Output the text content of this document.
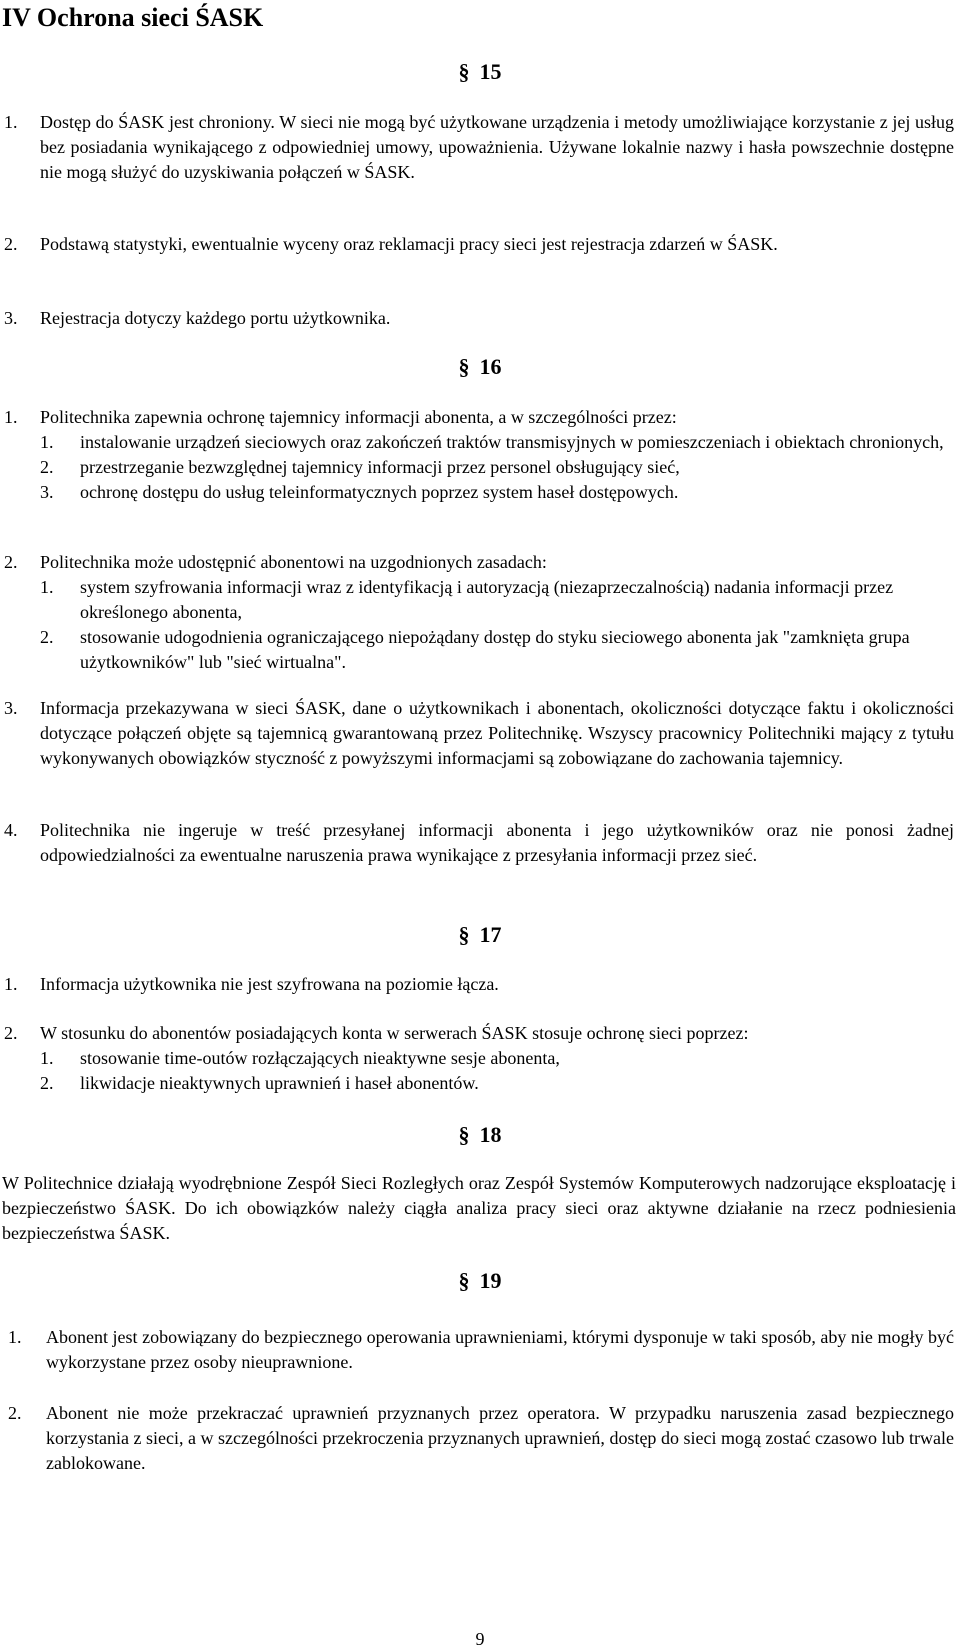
IV Ochrona sieci ŚASK
§ 15
1. Dostęp do ŚASK jest chroniony. W sieci nie mogą być użytkowane urządzenia i metody umożliwiające korzystanie z jej usług bez posiadania wynikającego z odpowiedniej umowy, upoważnienia. Używane lokalnie nazwy i hasła powszechnie dostępne nie mogą służyć do uzyskiwania połączeń w ŚASK.
2. Podstawą statystyki, ewentualnie wyceny oraz reklamacji pracy sieci jest rejestracja zdarzeń w ŚASK.
3. Rejestracja dotyczy każdego portu użytkownika.
§ 16
1. Politechnika zapewnia ochronę tajemnicy informacji abonenta, a w szczególności przez:
1. instalowanie urządzeń sieciowych oraz zakończeń traktów transmisyjnych w pomieszczeniach i obiektach chronionych,
2. przestrzeganie bezwzględnej tajemnicy informacji przez personel obsługujący sieć,
3. ochronę dostępu do usług teleinformatycznych poprzez system haseł dostępowych.
2. Politechnika może udostępnić abonentowi na uzgodnionych zasadach:
1. system szyfrowania informacji wraz z identyfikacją i autoryzacją (niezaprzeczalnością) nadania informacji przez określonego abonenta,
2. stosowanie udogodnienia ograniczającego niepożądany dostęp do styku sieciowego abonenta jak "zamknięta grupa użytkowników" lub "sieć wirtualna".
3. Informacja przekazywana w sieci ŚASK, dane o użytkownikach i abonentach, okoliczności dotyczące faktu i okoliczności dotyczące połączeń objęte są tajemnicą gwarantowaną przez Politechnikę. Wszyscy pracownicy Politechniki mający z tytułu wykonywanych obowiązków styczność z powyższymi informacjami są zobowiązane do zachowania tajemnicy.
4. Politechnika nie ingeruje w treść przesyłanej informacji abonenta i jego użytkowników oraz nie ponosi żadnej odpowiedzialności za ewentualne naruszenia prawa wynikające z przesyłania informacji przez sieć.
§ 17
1. Informacja użytkownika nie jest szyfrowana na poziomie łącza.
2. W stosunku do abonentów posiadających konta w serwerach ŚASK stosuje ochronę sieci poprzez:
1. stosowanie time-outów rozłączających nieaktywne sesje abonenta,
2. likwidacje nieaktywnych uprawnień i haseł abonentów.
§ 18
W Politechnice działają wyodrębnione Zespół Sieci Rozległych oraz Zespół Systemów Komputerowych nadzorujące eksploatację i bezpieczeństwo ŚASK. Do ich obowiązków należy ciągła analiza pracy sieci oraz aktywne działanie na rzecz podniesienia bezpieczeństwa ŚASK.
§ 19
1. Abonent jest zobowiązany do bezpiecznego operowania uprawnieniami, którymi dysponuje w taki sposób, aby nie mogły być wykorzystane przez osoby nieuprawnione.
2. Abonent nie może przekraczać uprawnień przyznanych przez operatora. W przypadku naruszenia zasad bezpiecznego korzystania z sieci, a w szczególności przekroczenia przyznanych uprawnień, dostęp do sieci mogą zostać czasowo lub trwale zablokowane.
9
